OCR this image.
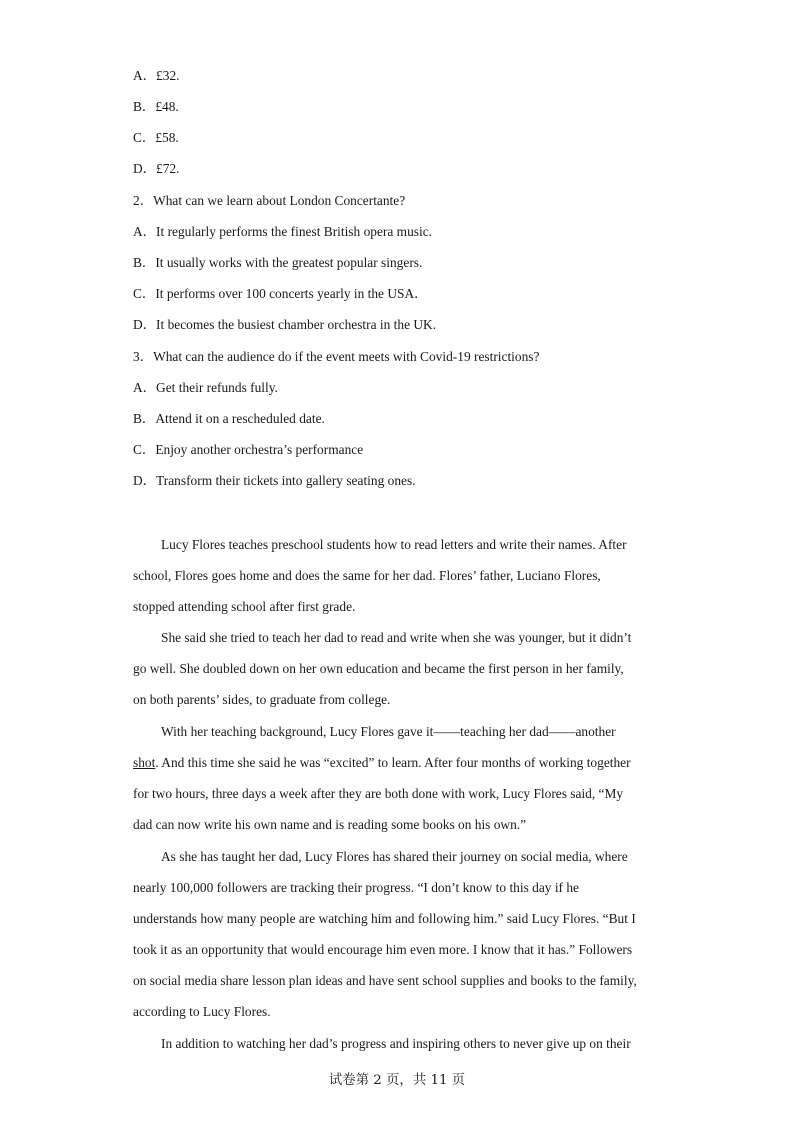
A．£32.
B．£48.
C．£58.
D．£72.
2．What can we learn about London Concertante?
A．It regularly performs the finest British opera music.
B．It usually works with the greatest popular singers.
C．It performs over 100 concerts yearly in the USA．
D．It becomes the busiest chamber orchestra in the UK.
3．What can the audience do if the event meets with Covid-19 restrictions?
A．Get their refunds fully.
B．Attend it on a rescheduled date.
C．Enjoy another orchestra’s performance
D．Transform their tickets into gallery seating ones.
Lucy Flores teaches preschool students how to read letters and write their names. After
school, Flores goes home and does the same for her dad. Flores’ father, Luciano Flores,
stopped attending school after first grade.
She said she tried to teach her dad to read and write when she was younger, but it didn’t
go well. She doubled down on her own education and became the first person in her family,
on both parents’ sides, to graduate from college.
With her teaching background, Lucy Flores gave it——teaching her dad——another
shot. And this time she said he was “excited” to learn. After four months of working together
for two hours, three days a week after they are both done with work, Lucy Flores said, “My
dad can now write his own name and is reading some books on his own.”
As she has taught her dad, Lucy Flores has shared their journey on social media, where
nearly 100,000 followers are tracking their progress. “I don’t know to this day if he
understands how many people are watching him and following him.” said Lucy Flores. “But I
took it as an opportunity that would encourage him even more. I know that it has.” Followers
on social media share lesson plan ideas and have sent school supplies and books to the family,
according to Lucy Flores.
In addition to watching her dad’s progress and inspiring others to never give up on their
试卷第 2 页，共 11 页
